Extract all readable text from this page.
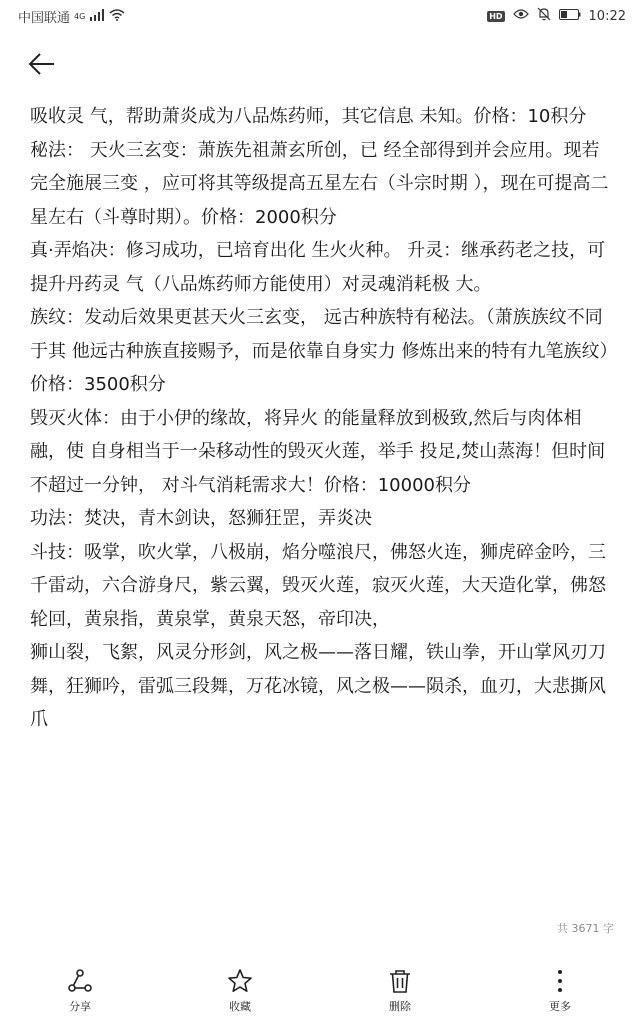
中国联通 4G	HD	10:22

吸收灵 气，帮助萧炎成为八品炼药师，其它信息 未知。价格：10积分

秘法： 天火三玄变：萧族先祖萧玄所创，已 经全部得到并会应用。现若完全施展三变 ，应可将其等级提高五星左右（斗宗时期 ），现在可提高二星左右（斗尊时期）。价格：2000积分

真·弄焰决：修习成功，已培育出化 生火火种。 升灵：继承药老之技，可提升丹药灵 气（八品炼药师方能使用）对灵魂消耗极 大。

族纹：发动后效果更甚天火三玄变， 远古种族特有秘法。（萧族族纹不同于其 他远古种族直接赐予，而是依靠自身实力 修炼出来的特有九笔族纹）价格：3500积分

毁灭火体：由于小伊的缘故，将异火 的能量释放到极致,然后与肉体相融，使 自身相当于一朵移动性的毁灭火莲，举手 投足,焚山蒸海！但时间不超过一分钟， 对斗气消耗需求大！价格：10000积分

功法：焚决，青木剑诀，怒狮狂罡，弄炎决

斗技：吸掌，吹火掌，八极崩，焰分噬浪尺，佛怒火连，狮虎碎金吟，三千雷动，六合游身尺，紫云翼，毁灭火莲，寂灭火莲，大天造化掌，佛怒轮回，黄泉指，黄泉掌，黄泉天怒，帝印决，

狮山裂，飞絮，风灵分形剑，风之极——落日耀，铁山拳，开山掌风刃刀舞，狂狮吟，雷弧三段舞，万花冰镜，风之极——陨杀，血刃，大悲撕风爪

共 3671 字
分享	收藏	删除	更多
